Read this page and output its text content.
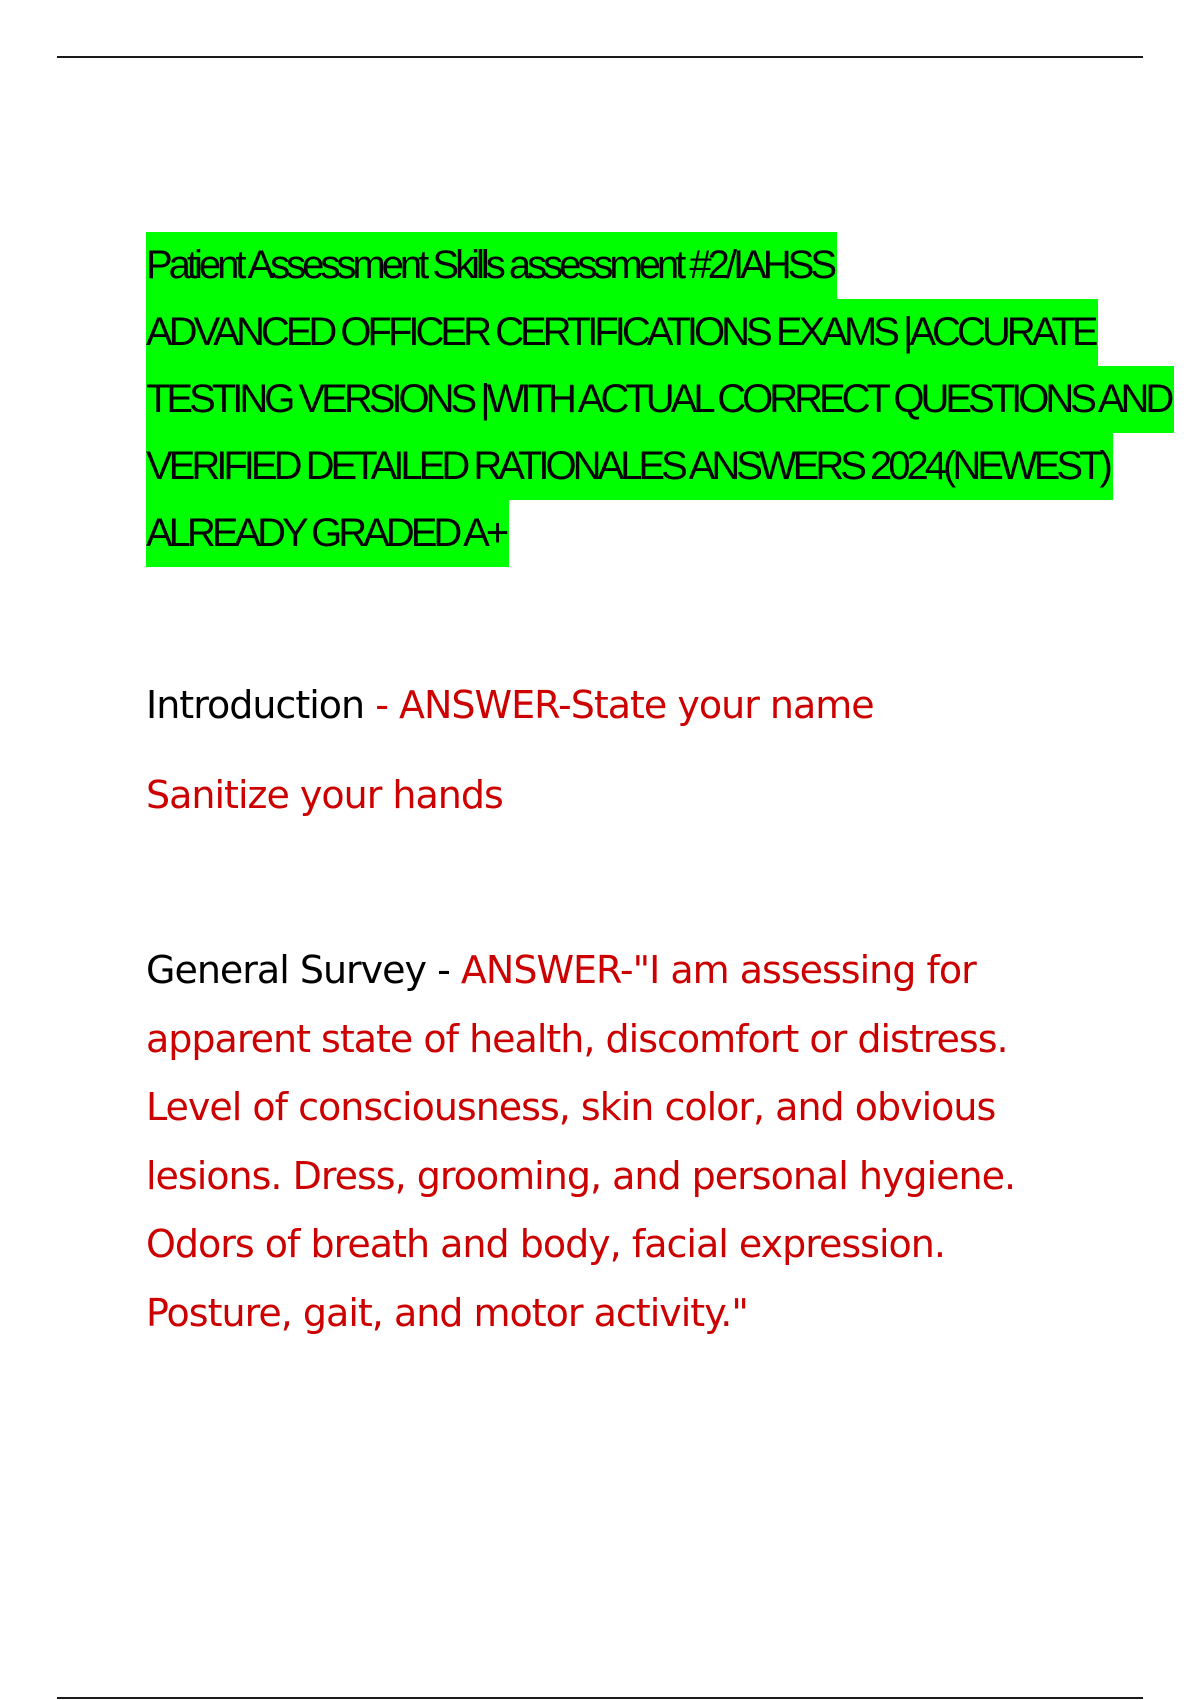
Patient Assessment Skills assessment #2/IAHSS
ADVANCED OFFICER CERTIFICATIONS EXAMS |ACCURATE
TESTING VERSIONS |WITH ACTUAL CORRECT QUESTIONS AND
VERIFIED DETAILED RATIONALES ANSWERS 2024(NEWEST)
ALREADY GRADED A+

Introduction - ANSWER-State your name

Sanitize your hands

General Survey - ANSWER-"I am assessing for apparent state of health, discomfort or distress. Level of consciousness, skin color, and obvious lesions. Dress, grooming, and personal hygiene. Odors of breath and body, facial expression. Posture, gait, and motor activity."
